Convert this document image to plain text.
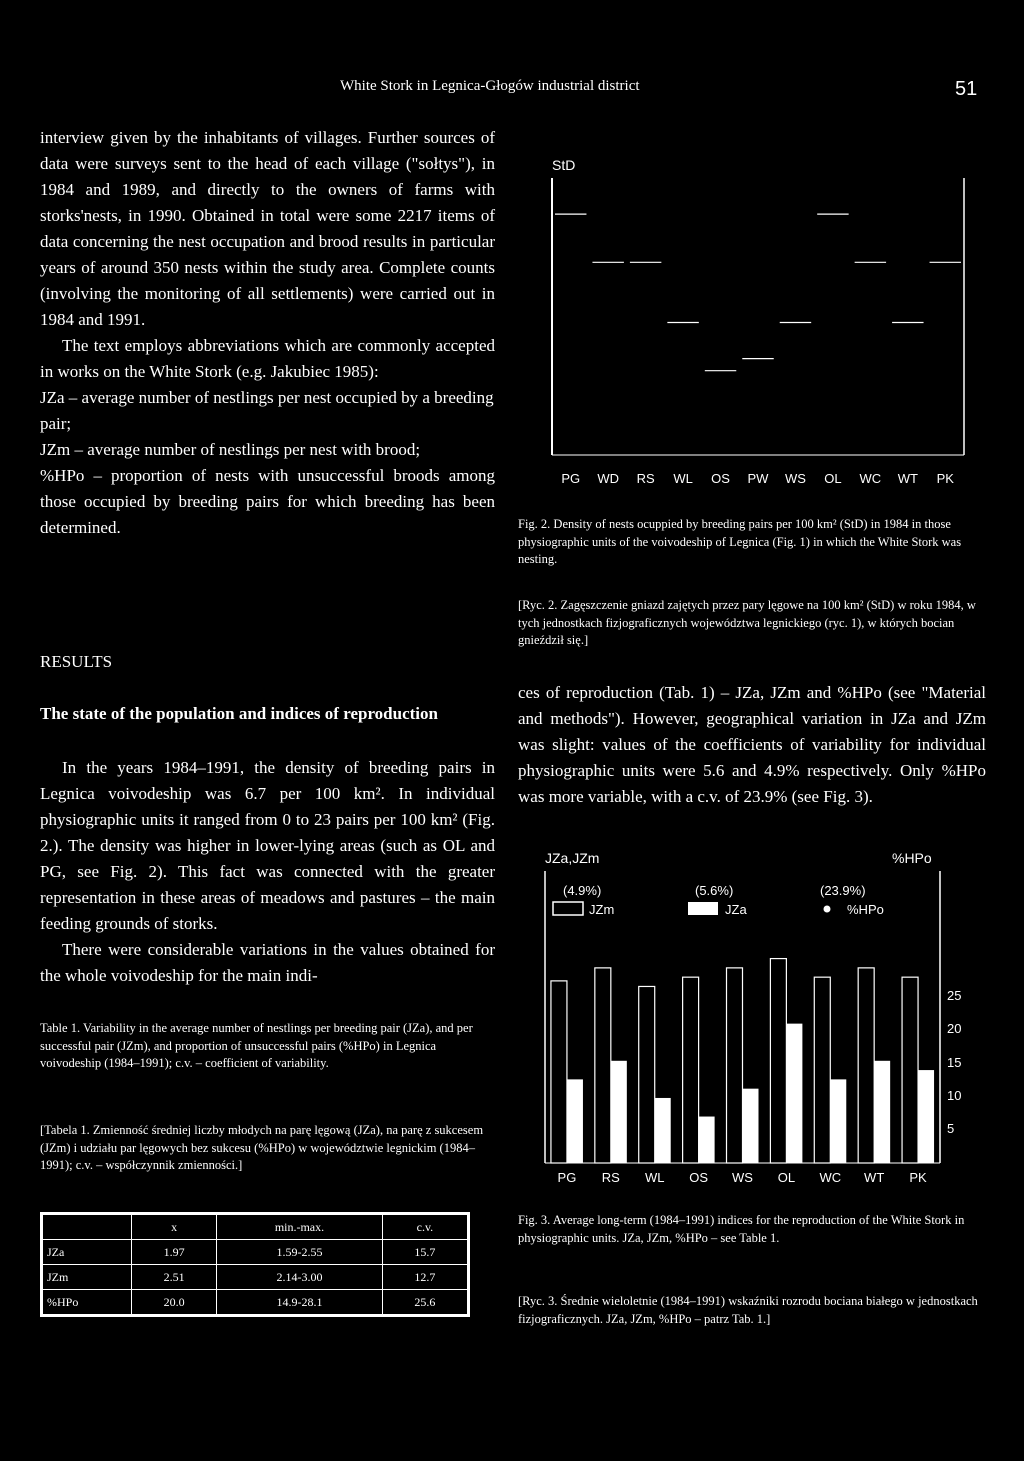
White Stork in Legnica-Głogów industrial district	51

interview given by the inhabitants of villages. Further sources of data were surveys sent to the head of each village ("sołtys"), in 1984 and 1989, and directly to the owners of farms with storks'nests, in 1990. Obtained in total were some 2217 items of data concerning the nest occupation and brood results in particular years of around 350 nests within the study area. Complete counts (involving the monitoring of all settlements) were carried out in 1984 and 1991.

The text employs abbreviations which are commonly accepted in works on the White Stork (e.g. Jakubiec 1985):

JZa – average number of nestlings per nest occupied by a breeding pair;

JZm – average number of nestlings per nest with brood;

%HPo – proportion of nests with unsuccessful broods among those occupied by breeding pairs for which breeding has been determined.

RESULTS
The state of the population and indices of reproduction

In the years 1984–1991, the density of breeding pairs in Legnica voivodeship was 6.7 per 100 km². In individual physiographic units it ranged from 0 to 23 pairs per 100 km² (Fig. 2.). The density was higher in lower-lying areas (such as OL and PG, see Fig. 2). This fact was connected with the greater representation in these areas of meadows and pastures – the main feeding grounds of storks.

There were considerable variations in the values obtained for the whole voivodeship for the main indi-

Table 1. Variability in the average number of nestlings per breeding pair (JZa), and per successful pair (JZm), and proportion of unsuccessful pairs (%HPo) in Legnica voivodeship (1984–1991); c.v. – coefficient of variability.
[Tabela 1. Zmienność średniej liczby młodych na parę lęgową (JZa), na parę z sukcesem (JZm) i udziału par lęgowych bez sukcesu (%HPo) w województwie legnickim (1984–1991); c.v. – współczynnik zmienności.]
	x	min.-max.	c.v.
JZa	1.97	1.59-2.55	15.7
JZm	2.51	2.14-3.00	12.7
%HPo	20.0	14.9-28.1	25.6
StD
PG WD RS WL OS PW WS OL WC WT PK
Fig. 2. Density of nests ocuppied by breeding pairs per 100 km² (StD) in 1984 in those physiographic units of the voivodeship of Legnica (Fig. 1) in which the White Stork was nesting.
[Ryc. 2. Zagęszczenie gniazd zajętych przez pary lęgowe na 100 km² (StD) w roku 1984, w tych jednostkach fizjograficznych województwa legnickiego (ryc. 1), w których bocian gnieździł się.]

ces of reproduction (Tab. 1) – JZa, JZm and %HPo (see "Material and methods"). However, geographical variation in JZa and JZm was slight: values of the coefficients of variability for individual physiographic units were 5.6 and 4.9% respectively. Only %HPo was more variable, with a c.v. of 23.9% (see Fig. 3).

JZa,JZm	%HPo
(4.9%)
JZm
(5.6%)
JZa
(23.9%)
%HPo
PG RS WL OS WS OL WC WT PK
25
20
15
10
5
Fig. 3. Average long-term (1984–1991) indices for the reproduction of the White Stork in physiographic units. JZa, JZm, %HPo – see Table 1.
[Ryc. 3. Średnie wieloletnie (1984–1991) wskaźniki rozrodu bociana białego w jednostkach fizjograficznych. JZa, JZm, %HPo – patrz Tab. 1.]
